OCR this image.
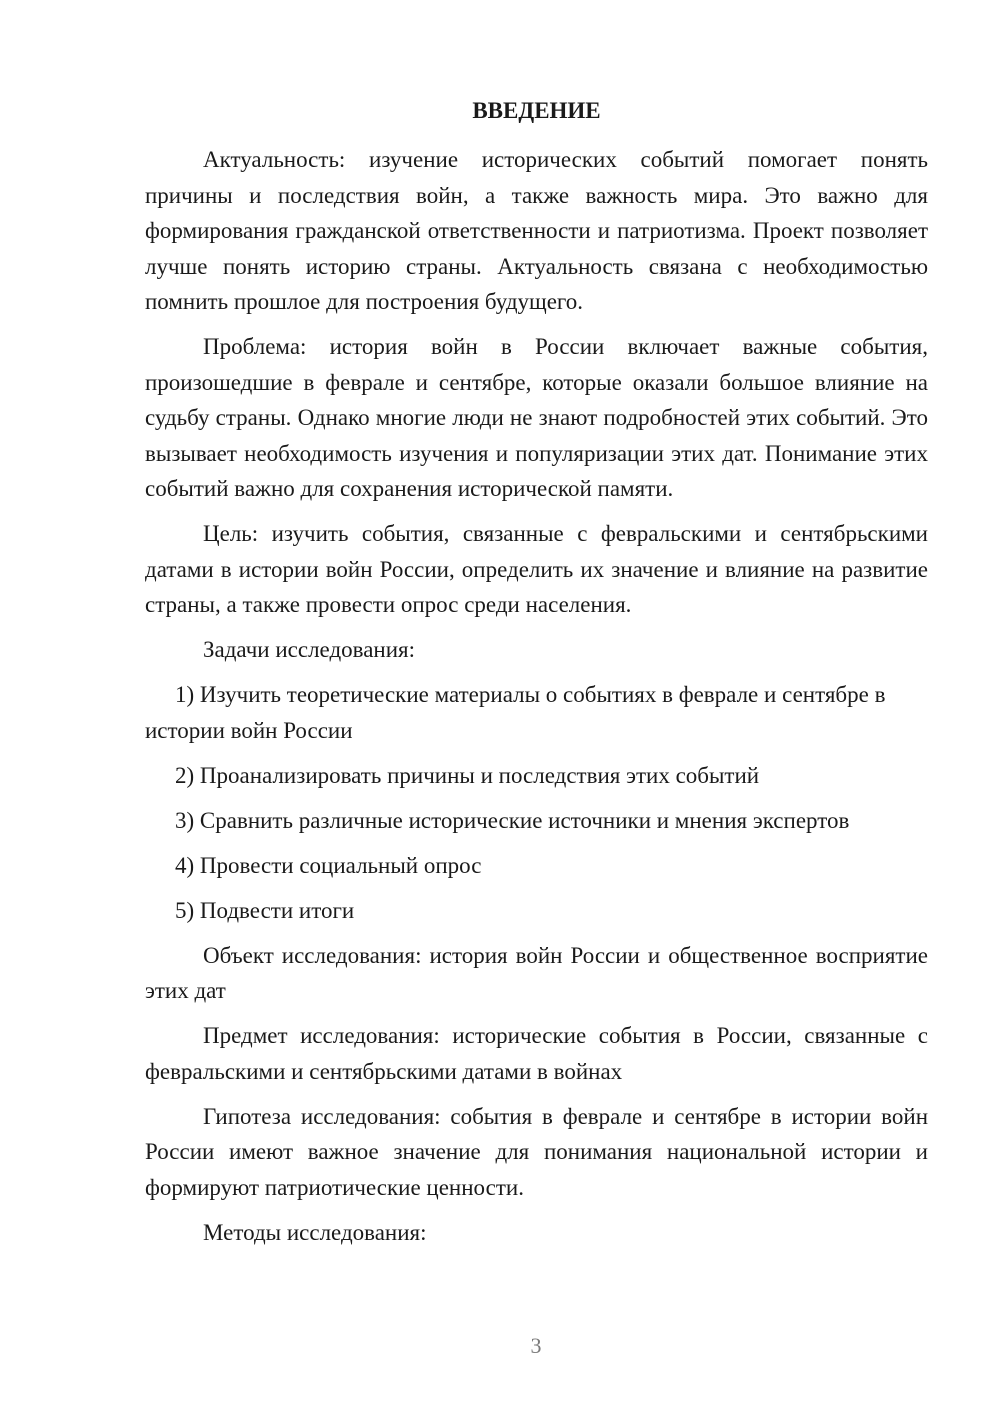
ВВЕДЕНИЕ

Актуальность: изучение исторических событий помогает понять причины и последствия войн, а также важность мира. Это важно для формирования гражданской ответственности и патриотизма. Проект позволяет лучше понять историю страны. Актуальность связана с необходимостью помнить прошлое для построения будущего.

Проблема: история войн в России включает важные события, произошедшие в феврале и сентябре, которые оказали большое влияние на судьбу страны. Однако многие люди не знают подробностей этих событий. Это вызывает необходимость изучения и популяризации этих дат. Понимание этих событий важно для сохранения исторической памяти.

Цель: изучить события, связанные с февральскими и сентябрьскими датами в истории войн России, определить их значение и влияние на развитие страны, а также провести опрос среди населения.

Задачи исследования:

1) Изучить теоретические материалы о событиях в феврале и сентябре в истории войн России

2) Проанализировать причины и последствия этих событий

3) Сравнить различные исторические источники и мнения экспертов

4) Провести социальный опрос

5) Подвести итоги

Объект исследования: история войн России и общественное восприятие этих дат

Предмет исследования: исторические события в России, связанные с февральскими и сентябрьскими датами в войнах

Гипотеза исследования: события в феврале и сентябре в истории войн России имеют важное значение для понимания национальной истории и формируют патриотические ценности.

Методы исследования:

3
